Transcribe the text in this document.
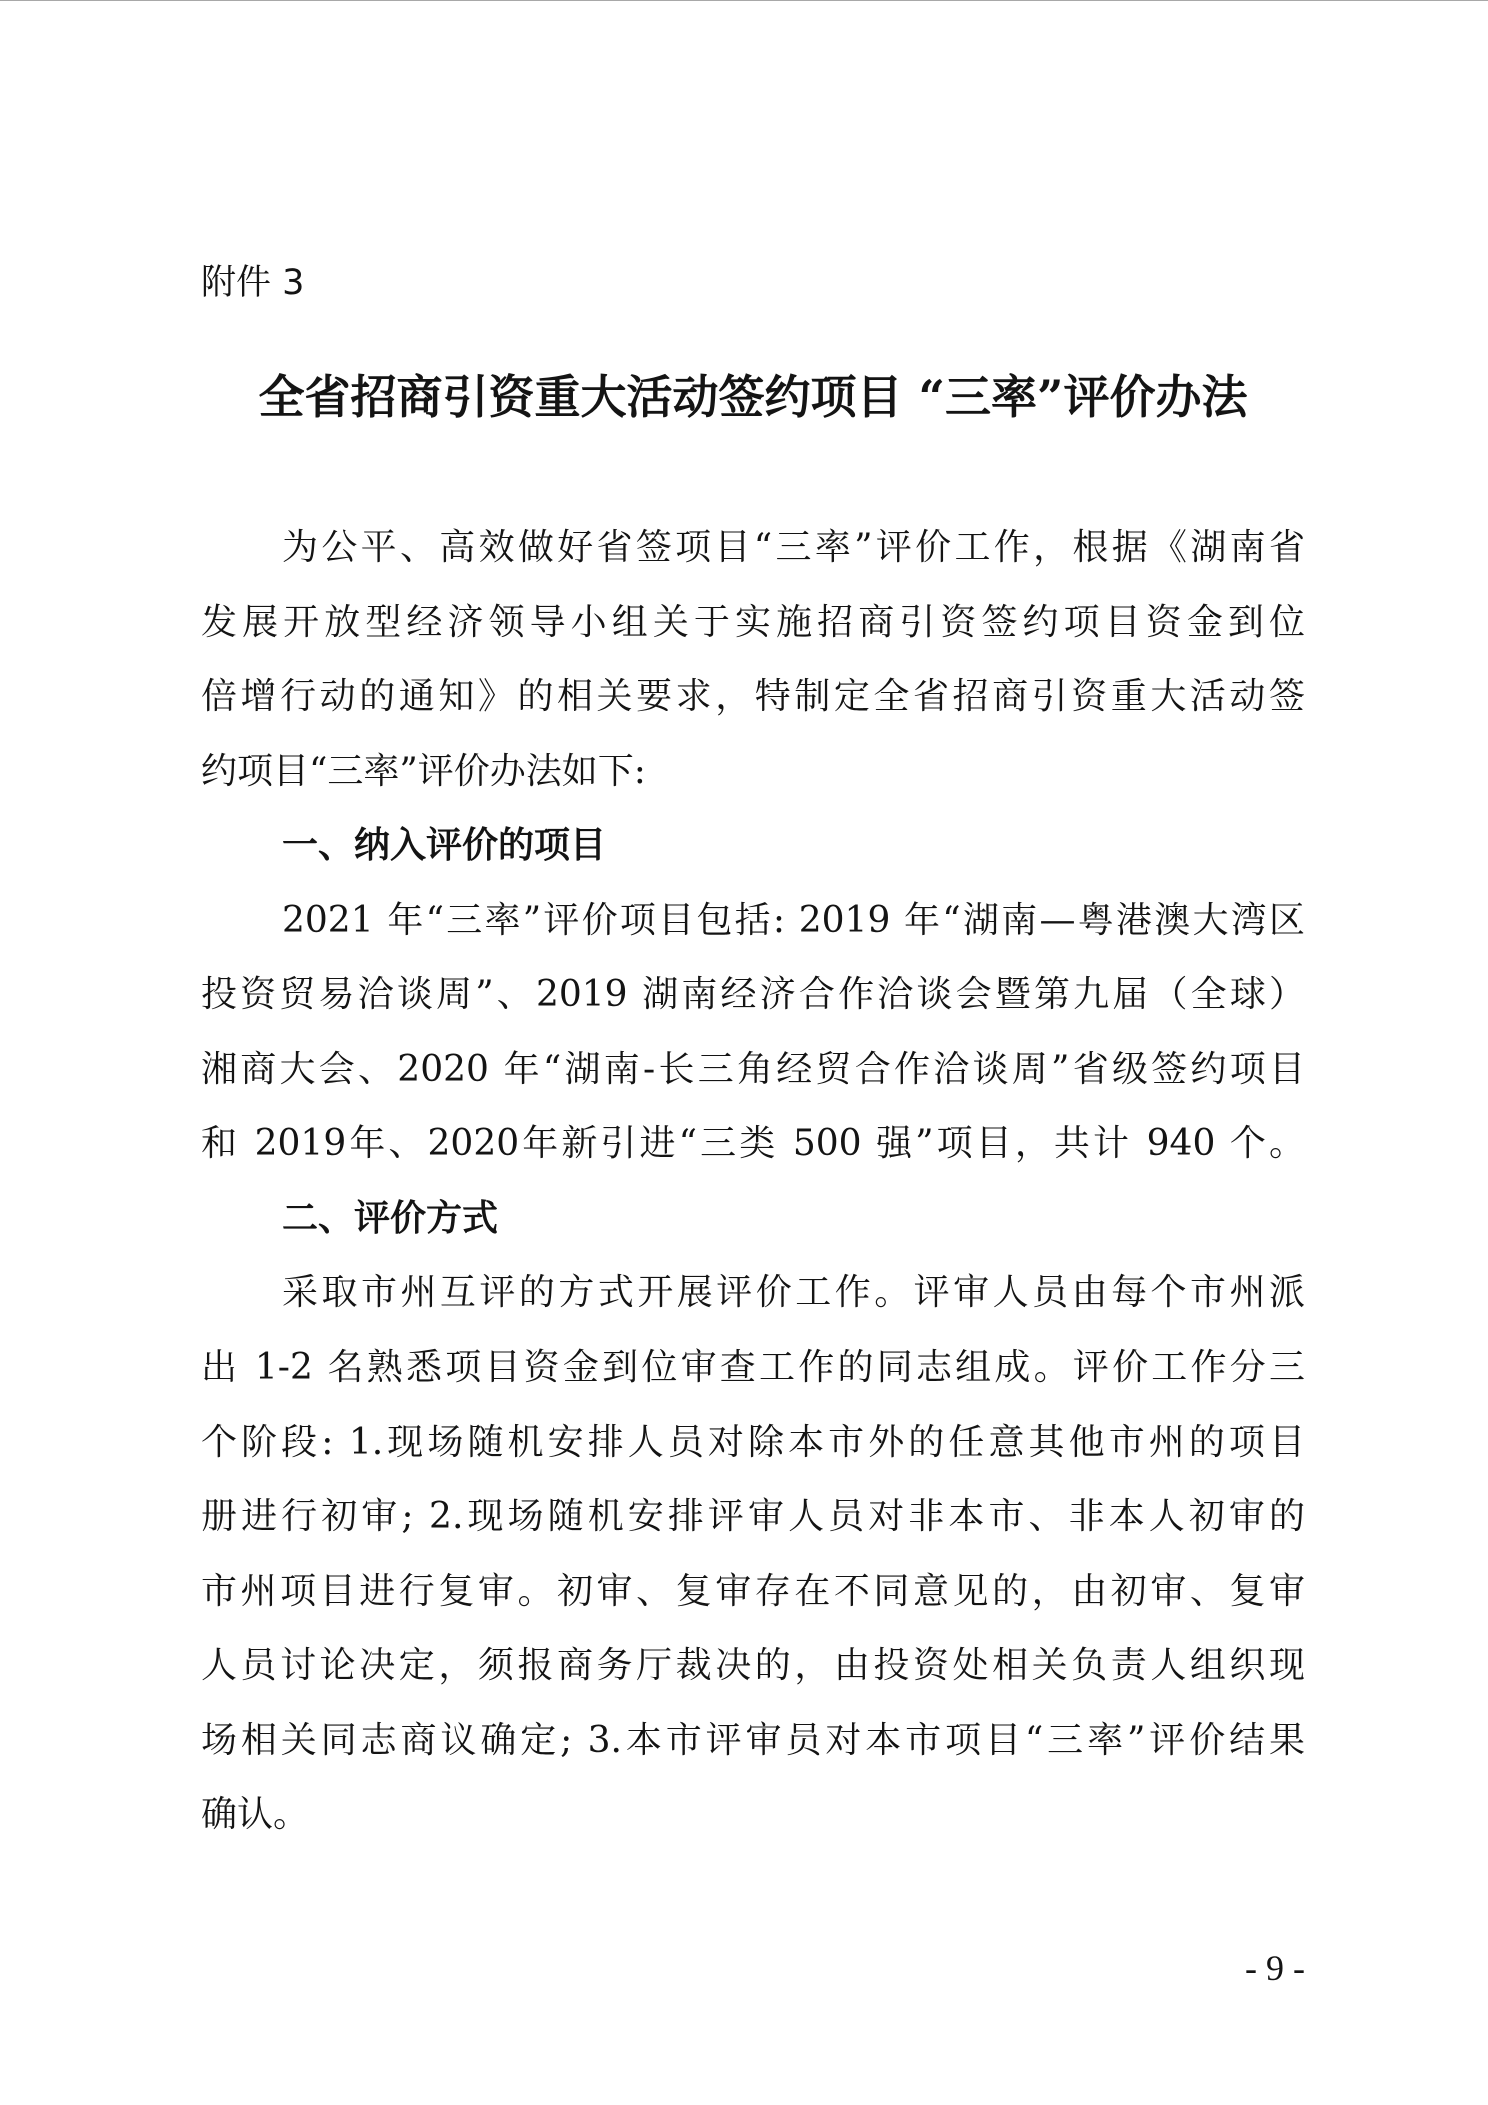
附件 3
全省招商引资重大活动签约项目 “三率”评价办法
为公平、高效做好省签项目“三率”评价工作，根据《湖南省
发展开放型经济领导小组关于实施招商引资签约项目资金到位
倍增行动的通知》的相关要求，特制定全省招商引资重大活动签
约项目“三率”评价办法如下:
一、纳入评价的项目
2021 年“三率”评价项目包括: 2019 年“湖南—粤港澳大湾区
投资贸易洽谈周”、2019 湖南经济合作洽谈会暨第九届（全球）
湘商大会、2020 年“湖南-长三角经贸合作洽谈周”省级签约项目
和 2019年、2020年新引进“三类 500 强”项目，共计 940 个。
二、评价方式
采取市州互评的方式开展评价工作。评审人员由每个市州派
出 1-2 名熟悉项目资金到位审查工作的同志组成。评价工作分三
个阶段: 1.现场随机安排人员对除本市外的任意其他市州的项目
册进行初审; 2.现场随机安排评审人员对非本市、非本人初审的
市州项目进行复审。初审、复审存在不同意见的，由初审、复审
人员讨论决定，须报商务厅裁决的，由投资处相关负责人组织现
场相关同志商议确定; 3.本市评审员对本市项目“三率”评价结果
确认。
- 9 -
